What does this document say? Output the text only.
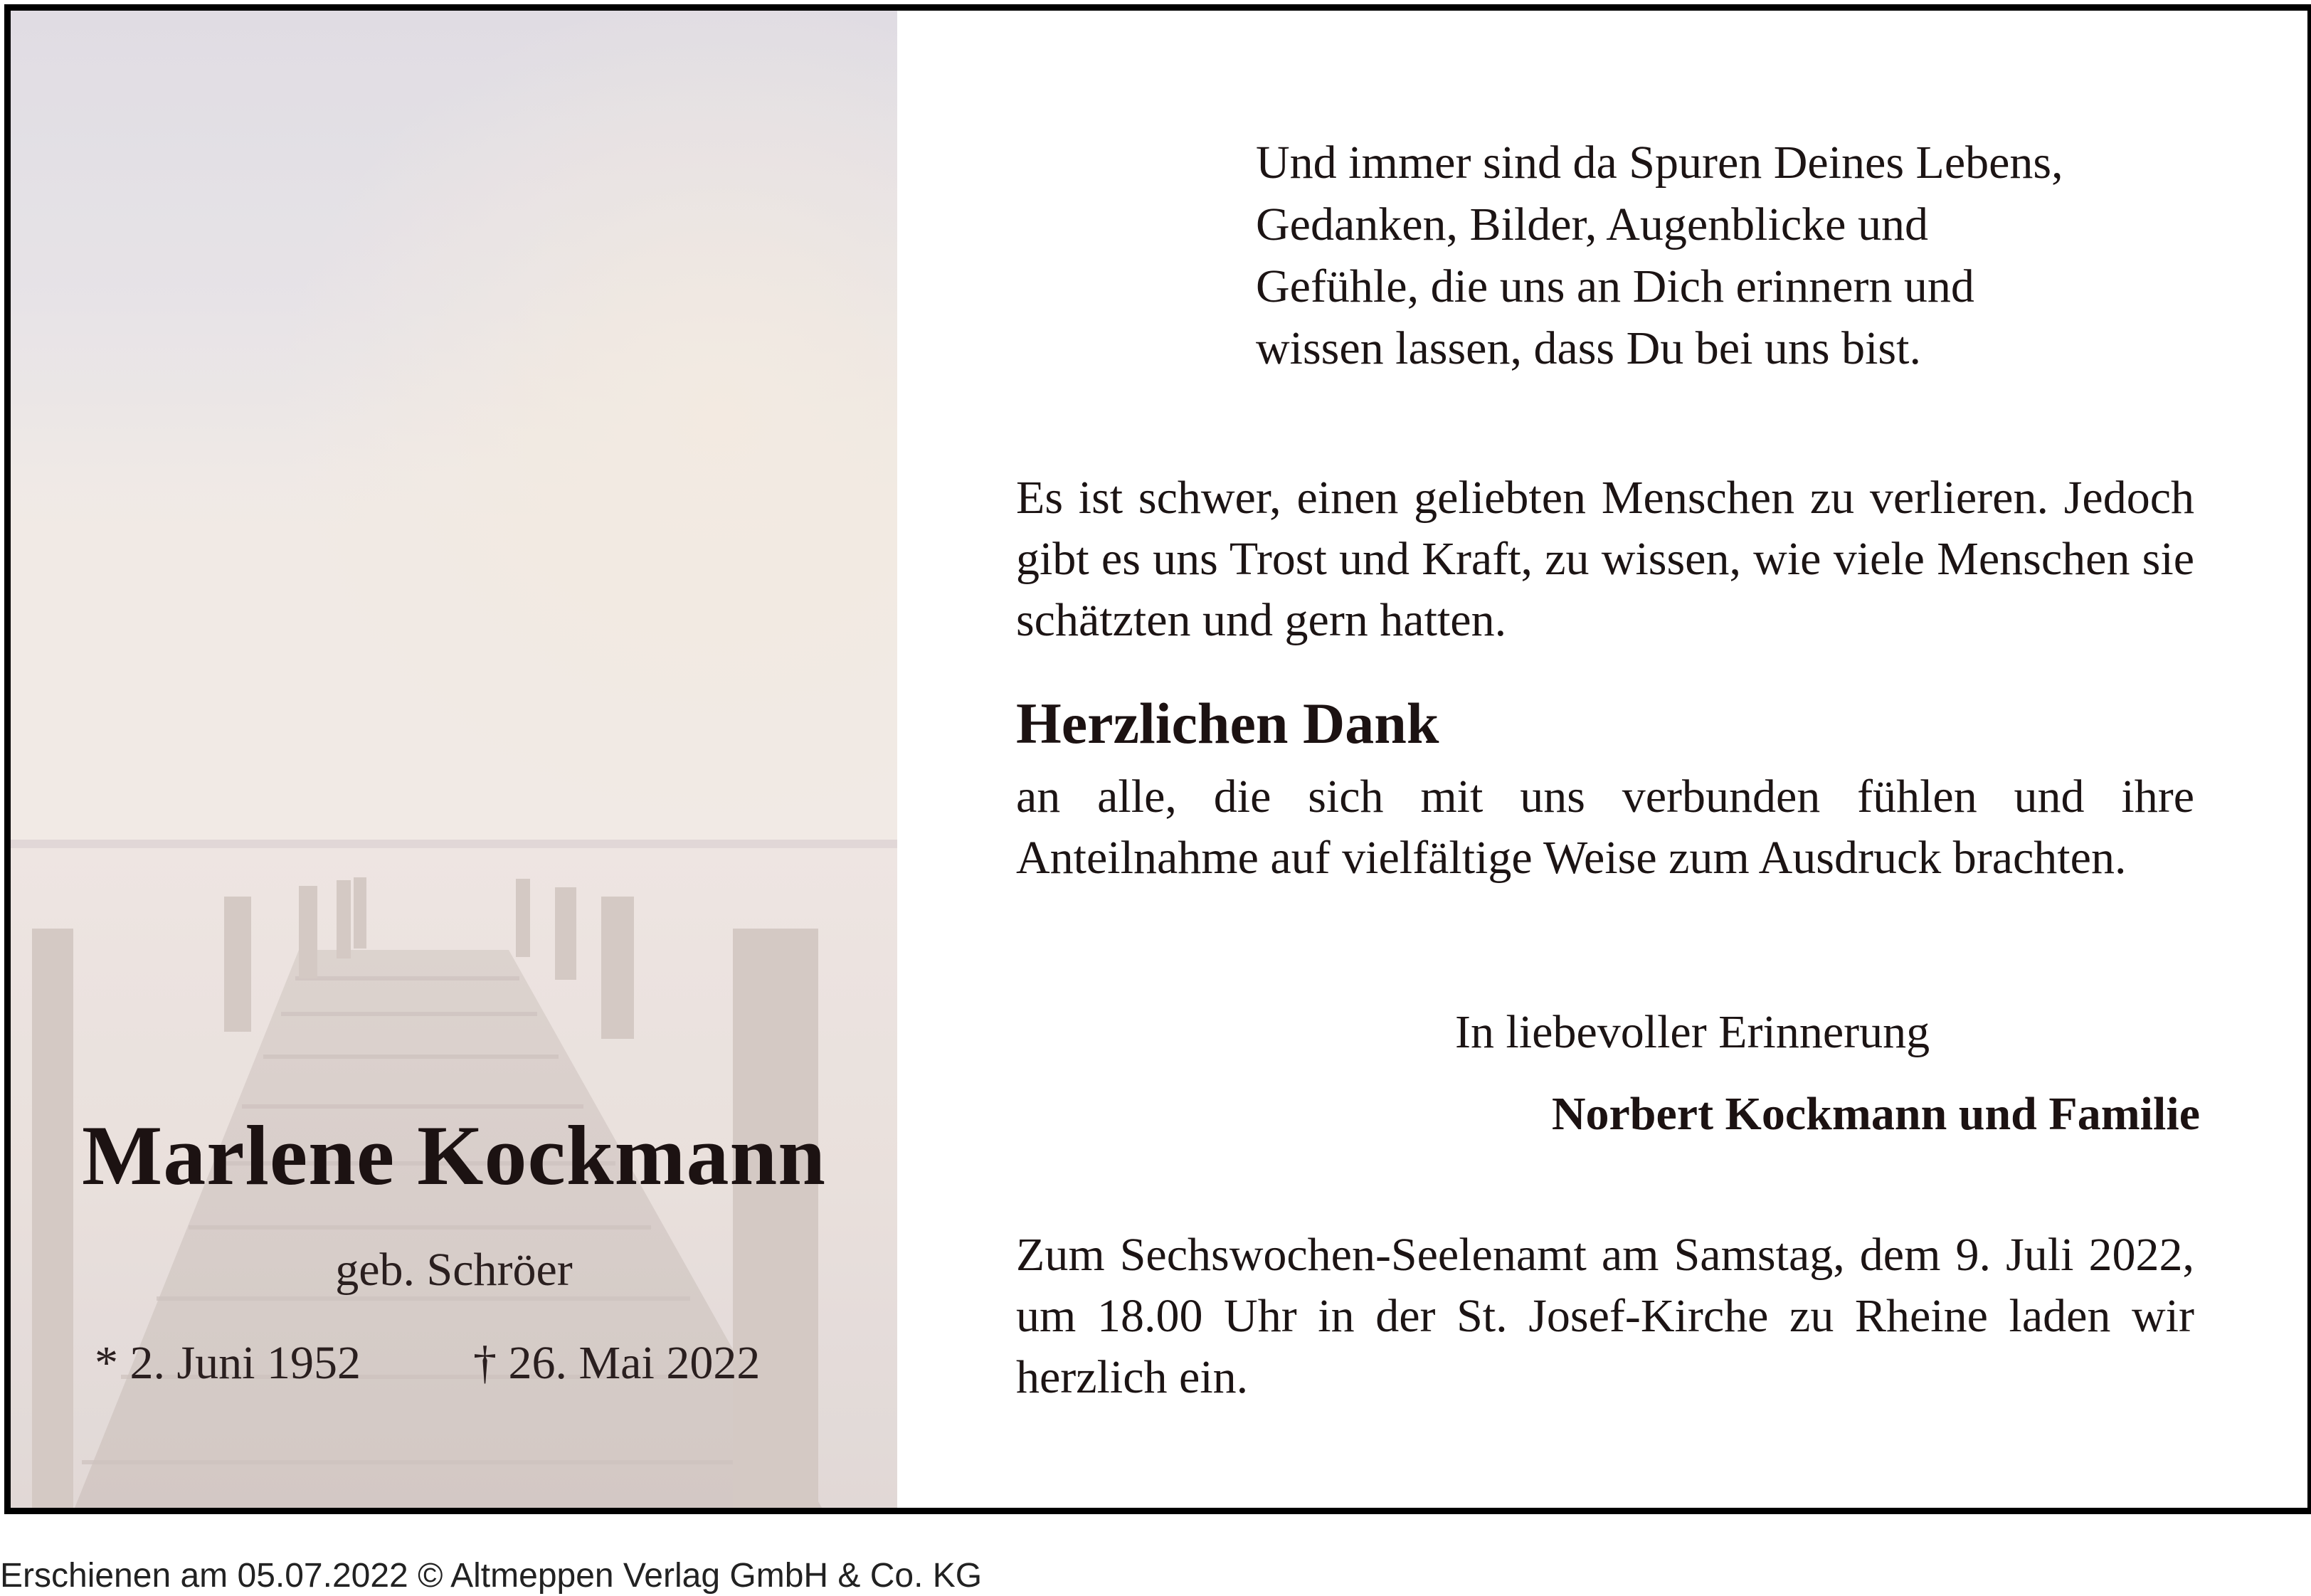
Marlene Kockmann
geb. Schröer
* 2. Juni 1952 † 26. Mai 2022
Und immer sind da Spuren Deines Lebens,
Gedanken, Bilder, Augenblicke und
Gefühle, die uns an Dich erinnern und
wissen lassen, dass Du bei uns bist.
Es ist schwer, einen geliebten Menschen zu verlieren. Jedoch gibt es uns Trost und Kraft, zu wissen, wie viele Menschen sie schätzten und gern hatten.
Herzlichen Dank
an alle, die sich mit uns verbunden fühlen und ihre Anteilnahme auf vielfältige Weise zum Ausdruck brachten.
In liebevoller Erinnerung
Norbert Kockmann und Familie
Zum Sechswochen-Seelenamt am Samstag, dem 9. Juli 2022, um 18.00 Uhr in der St. Josef-Kirche zu Rheine laden wir herzlich ein.
Erschienen am 05.07.2022 © Altmeppen Verlag GmbH & Co. KG
